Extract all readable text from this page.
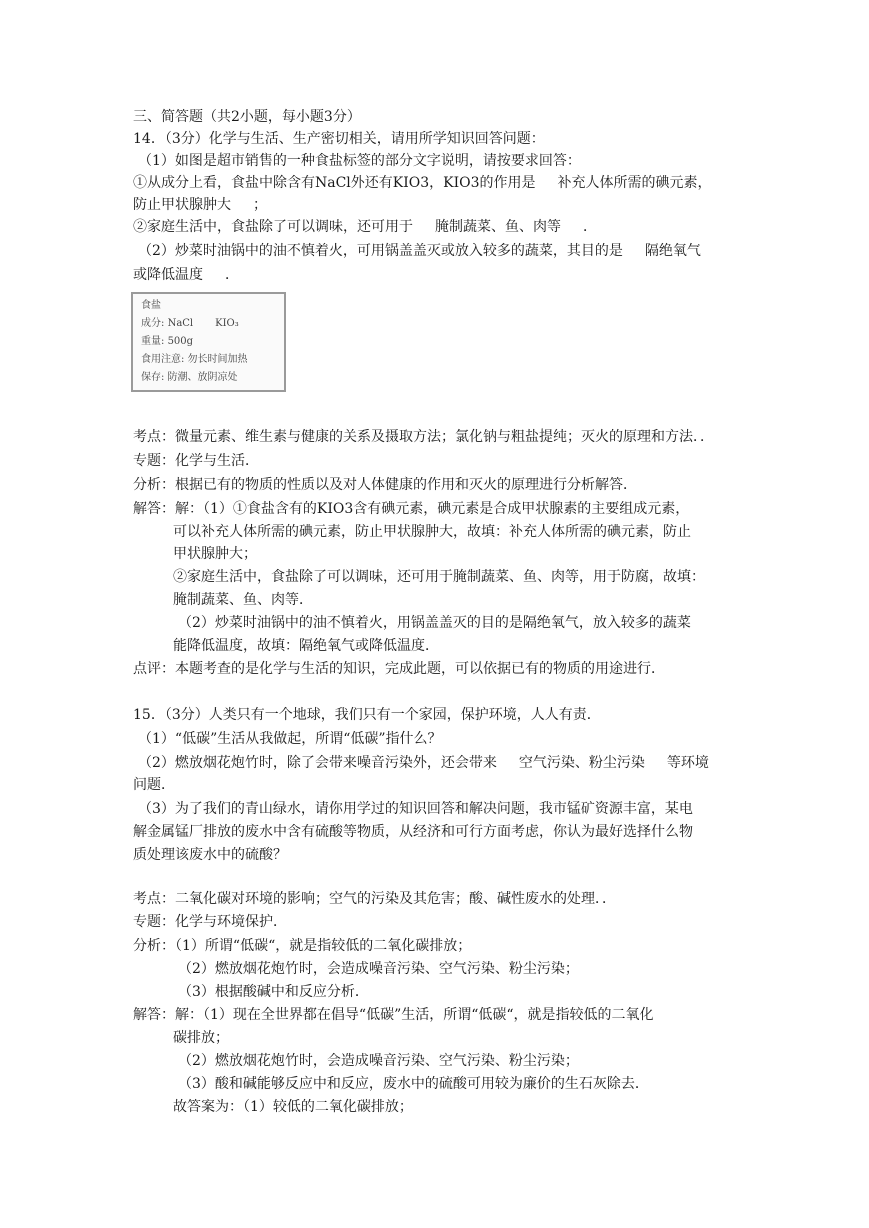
三、简答题（共2小题，每小题3分）
14．（3分）化学与生活、生产密切相关，请用所学知识回答问题：
（1）如图是超市销售的一种食盐标签的部分文字说明，请按要求回答：
①从成分上看，食盐中除含有NaCl外还有KIO3，KIO3的作用是 补充人体所需的碘元素，
防止甲状腺肿大 ；
②家庭生活中，食盐除了可以调味，还可用于 腌制蔬菜、鱼、肉等 ．
（2）炒菜时油锅中的油不慎着火，可用锅盖盖灭或放入较多的蔬菜，其目的是 隔绝氧气
或降低温度 ．
食盐
成分: NaCl KIO₃
重量: 500g
食用注意: 勿长时间加热
保存: 防潮、放阴凉处
考点：微量元素、维生素与健康的关系及摄取方法；氯化钠与粗盐提纯；灭火的原理和方法．．
专题：化学与生活．
分析：根据已有的物质的性质以及对人体健康的作用和灭火的原理进行分析解答．
解答：解：（1）①食盐含有的KIO3含有碘元素，碘元素是合成甲状腺素的主要组成元素，
可以补充人体所需的碘元素，防止甲状腺肿大，故填：补充人体所需的碘元素，防止
甲状腺肿大；
②家庭生活中，食盐除了可以调味，还可用于腌制蔬菜、鱼、肉等，用于防腐，故填：
腌制蔬菜、鱼、肉等．
（2）炒菜时油锅中的油不慎着火，用锅盖盖灭的目的是隔绝氧气，放入较多的蔬菜
能降低温度，故填：隔绝氧气或降低温度．
点评：本题考查的是化学与生活的知识，完成此题，可以依据已有的物质的用途进行．
15．（3分）人类只有一个地球，我们只有一个家园，保护环境，人人有责．
（1）“低碳”生活从我做起，所谓“低碳”指什么？
（2）燃放烟花炮竹时，除了会带来噪音污染外，还会带来 空气污染、粉尘污染 等环境
问题．
（3）为了我们的青山绿水，请你用学过的知识回答和解决问题，我市锰矿资源丰富，某电
解金属锰厂排放的废水中含有硫酸等物质，从经济和可行方面考虑，你认为最好选择什么物
质处理该废水中的硫酸？
考点：二氧化碳对环境的影响；空气的污染及其危害；酸、碱性废水的处理．．
专题：化学与环境保护．
分析：（1）所谓“低碳“，就是指较低的二氧化碳排放；
（2）燃放烟花炮竹时，会造成噪音污染、空气污染、粉尘污染；
（3）根据酸碱中和反应分析．
解答：解：（1）现在全世界都在倡导“低碳”生活，所谓“低碳“，就是指较低的二氧化
碳排放；
（2）燃放烟花炮竹时，会造成噪音污染、空气污染、粉尘污染；
（3）酸和碱能够反应中和反应，废水中的硫酸可用较为廉价的生石灰除去．
故答案为：（1）较低的二氧化碳排放；
